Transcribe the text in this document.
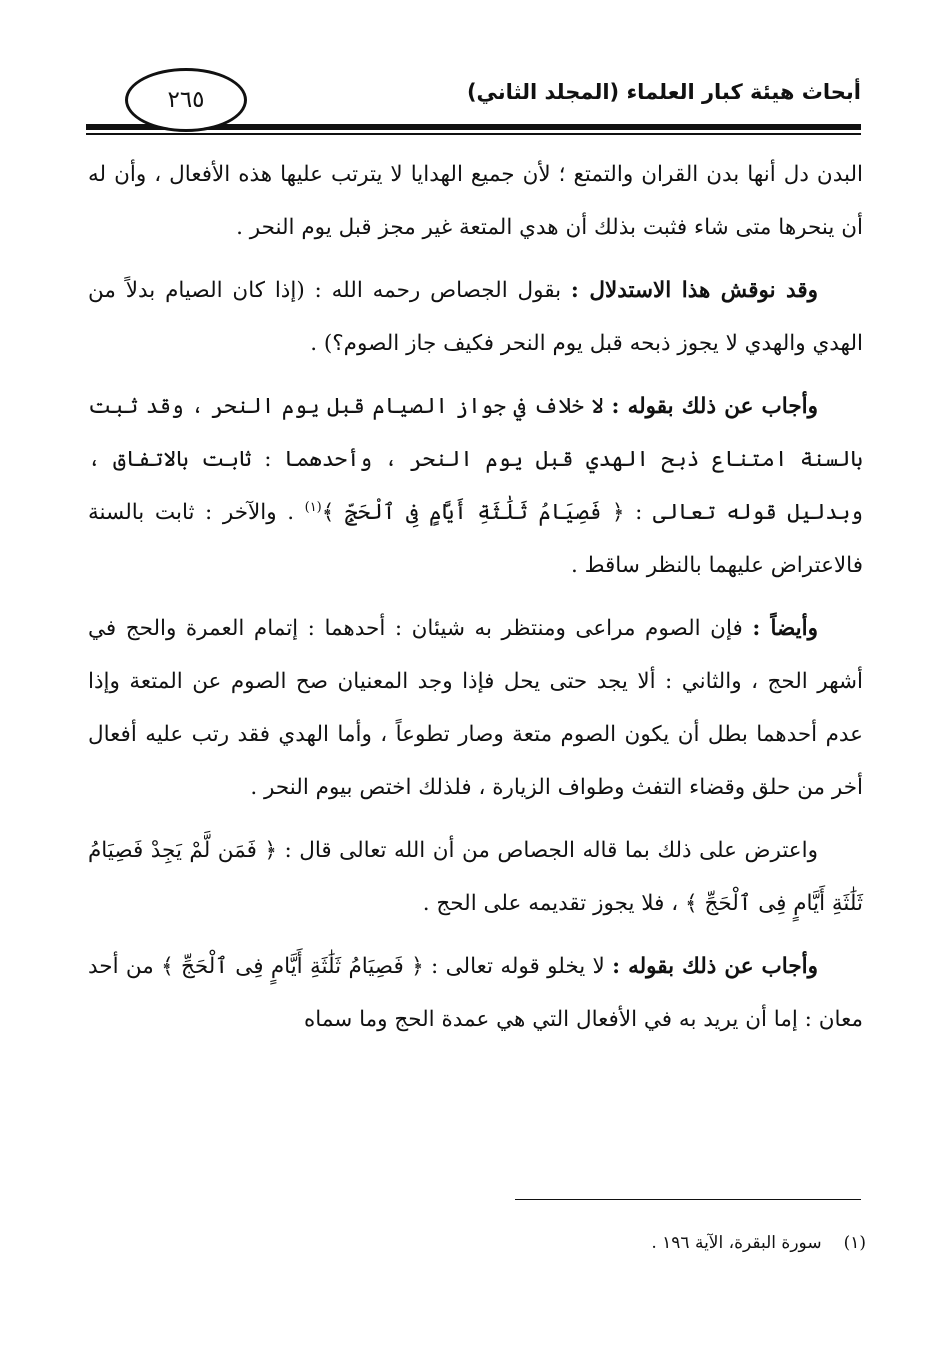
أبحاث هيئة كبار العلماء (المجلد الثاني)
٢٦٥

البدن دل أنها بدن القران والتمتع ؛ لأن جميع الهدايا لا يترتب عليها هذه الأفعال ، وأن له أن ينحرها متى شاء فثبت بذلك أن هدي المتعة غير مجز قبل يوم النحر .

وقد نوقش هذا الاستدلال : بقول الجصاص رحمه الله : (إذا كان الصيام بدلاً من الهدي والهدي لا يجوز ذبحه قبل يوم النحر فكيف جاز الصوم؟) .

وأجاب عن ذلك بقوله : لا خلاف في جواز الصيام قبل يوم النحر ، وقد ثبت بالسنة امتناع ذبح الهدي قبل يوم النحر ، وأحدهما : ثابت بالاتفاق ، وبدليل قوله تعالى : ﴿ فَصِيَامُ ثَلَٰثَةِ أَيَّامٍ فِى ٱلْحَجِّ ﴾$^{(١)}$ . والآخر : ثابت بالسنة فالاعتراض عليهما بالنظر ساقط .

وأيضاً : فإن الصوم مراعى ومنتظر به شيئان : أحدهما : إتمام العمرة والحج في أشهر الحج ، والثاني : ألا يجد حتى يحل فإذا وجد المعنيان صح الصوم عن المتعة وإذا عدم أحدهما بطل أن يكون الصوم متعة وصار تطوعاً ، وأما الهدي فقد رتب عليه أفعال أخر من حلق وقضاء التفث وطواف الزيارة ، فلذلك اختص بيوم النحر .

واعترض على ذلك بما قاله الجصاص من أن الله تعالى قال : ﴿ فَمَن لَّمْ يَجِدْ فَصِيَامُ ثَلَٰثَةِ أَيَّامٍ فِى ٱلْحَجِّ ﴾ ، فلا يجوز تقديمه على الحج .

وأجاب عن ذلك بقوله : لا يخلو قوله تعالى : ﴿ فَصِيَامُ ثَلَٰثَةِ أَيَّامٍ فِى ٱلْحَجِّ ﴾ من أحد معان : إما أن يريد به في الأفعال التي هي عمدة الحج وما سماه

(١)سورة البقرة، الآية ١٩٦ .
